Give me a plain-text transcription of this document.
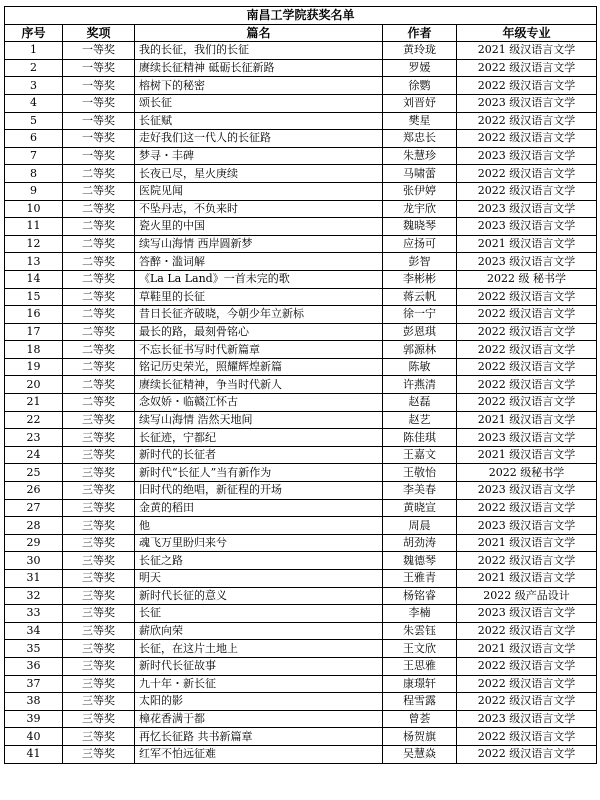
南昌工学院获奖名单				
序号	奖项	篇名	作者	年级专业
1	一等奖	我的长征，我们的长征	黄玲珑	2021 级汉语言文学
2	一等奖	赓续长征精神 砥砺长征新路	罗媛	2022 级汉语言文学
3	一等奖	榕树下的秘密	徐鹦	2022 级汉语言文学
4	一等奖	颂长征	刘晋妤	2023 级汉语言文学
5	一等奖	长征赋	樊星	2022 级汉语言文学
6	一等奖	走好我们这一代人的长征路	郑忠长	2022 级汉语言文学
7	一等奖	梦寻・丰碑	朱慧珍	2023 级汉语言文学
8	二等奖	长夜已尽，星火庚续	马啸蕾	2022 级汉语言文学
9	二等奖	医院见闻	张伊婷	2022 级汉语言文学
10	二等奖	不坠丹志，不负来时	龙宇欣	2023 级汉语言文学
11	二等奖	瓷火里的中国	魏晓琴	2023 级汉语言文学
12	二等奖	续写山海情 西岸圆新梦	应扬可	2021 级汉语言文学
13	二等奖	答醉・滥词解	彭智	2023 级汉语言文学
14	二等奖	《La La Land》一首未完的歌	李彬彬	2022 级 秘书学
15	二等奖	草鞋里的长征	蒋云帆	2022 级汉语言文学
16	二等奖	昔日长征齐破晓，今朝少年立新标	徐一宁	2022 级汉语言文学
17	二等奖	最长的路，最刻骨铭心	彭恩琪	2022 级汉语言文学
18	二等奖	不忘长征书写时代新篇章	郭源林	2022 级汉语言文学
19	二等奖	铭记历史荣光，照耀辉煌新篇	陈敏	2022 级汉语言文学
20	二等奖	赓续长征精神，争当时代新人	许燕清	2022 级汉语言文学
21	二等奖	念奴娇・临赣江怀古	赵磊	2022 级汉语言文学
22	三等奖	续写山海情 浩然天地间	赵艺	2021 级汉语言文学
23	三等奖	长征迹，宁都纪	陈佳琪	2023 级汉语言文学
24	三等奖	新时代的长征者	王嘉文	2021 级汉语言文学
25	三等奖	新时代“长征人”当有新作为	王敬怡	2022 级秘书学
26	三等奖	旧时代的绝唱，新征程的开场	李美春	2023 级汉语言文学
27	三等奖	金黄的稻田	黄晓宣	2022 级汉语言文学
28	三等奖	他	周晨	2023 级汉语言文学
29	三等奖	魂飞万里盼归来兮	胡劲涛	2021 级汉语言文学
30	三等奖	长征之路	魏德琴	2022 级汉语言文学
31	三等奖	明天	王雅青	2021 级汉语言文学
32	三等奖	新时代长征的意义	杨铭睿	2022 级产品设计
33	三等奖	长征	李楠	2023 级汉语言文学
34	三等奖	薪欣向荣	朱雲钰	2022 级汉语言文学
35	三等奖	长征，在这片土地上	王文欣	2021 级汉语言文学
36	三等奖	新时代长征故事	王思雅	2022 级汉语言文学
37	三等奖	九十年・新长征	康璟轩	2022 级汉语言文学
38	三等奖	太阳的影	程雪露	2022 级汉语言文学
39	三等奖	樟花香满于都	曾荟	2023 级汉语言文学
40	三等奖	再忆长征路 共书新篇章	杨贺旗	2022 级汉语言文学
41	三等奖	红军不怕远征难	吴慧焱	2022 级汉语言文学
